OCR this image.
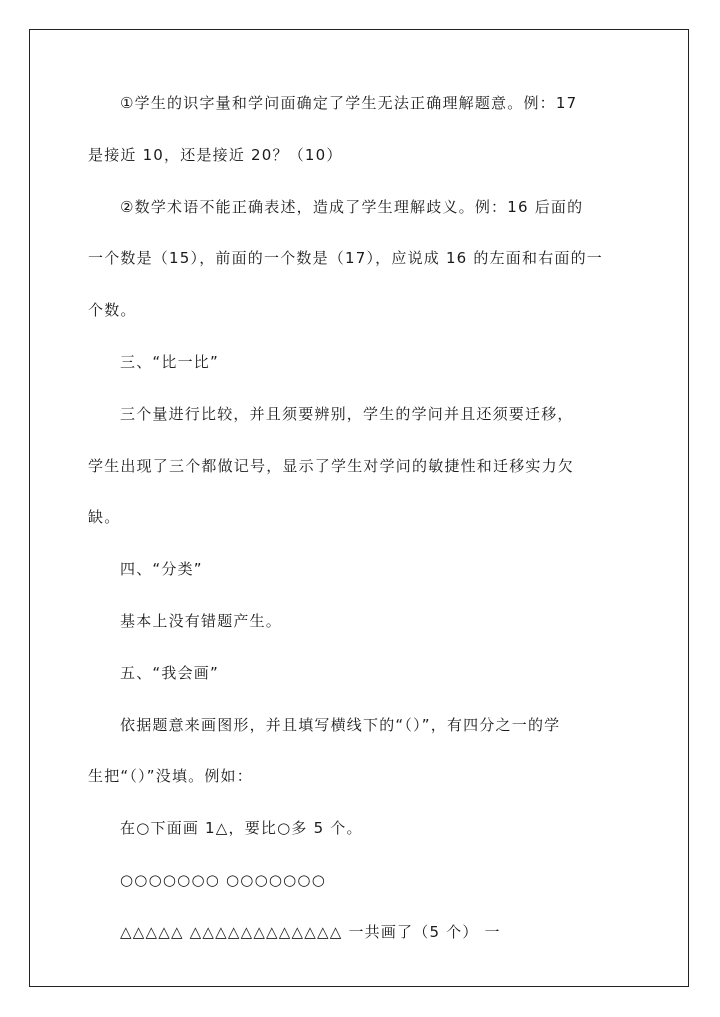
①学生的识字量和学问面确定了学生无法正确理解题意。例：17
是接近 10，还是接近 20？（10）
②数学术语不能正确表述，造成了学生理解歧义。例：16 后面的
一个数是（15），前面的一个数是（17），应说成 16 的左面和右面的一
个数。
三、“比一比”
三个量进行比较，并且须要辨别，学生的学问并且还须要迁移，
学生出现了三个都做记号，显示了学生对学问的敏捷性和迁移实力欠
缺。
四、“分类”
基本上没有错题产生。
五、“我会画”
依据题意来画图形，并且填写横线下的“（）”，有四分之一的学
生把“（）”没填。例如：
在○下面画 1△，要比○多 5 个。
○○○○○○○ ○○○○○○○
△△△△△ △△△△△△△△△△△△ 一共画了（5 个） 一
